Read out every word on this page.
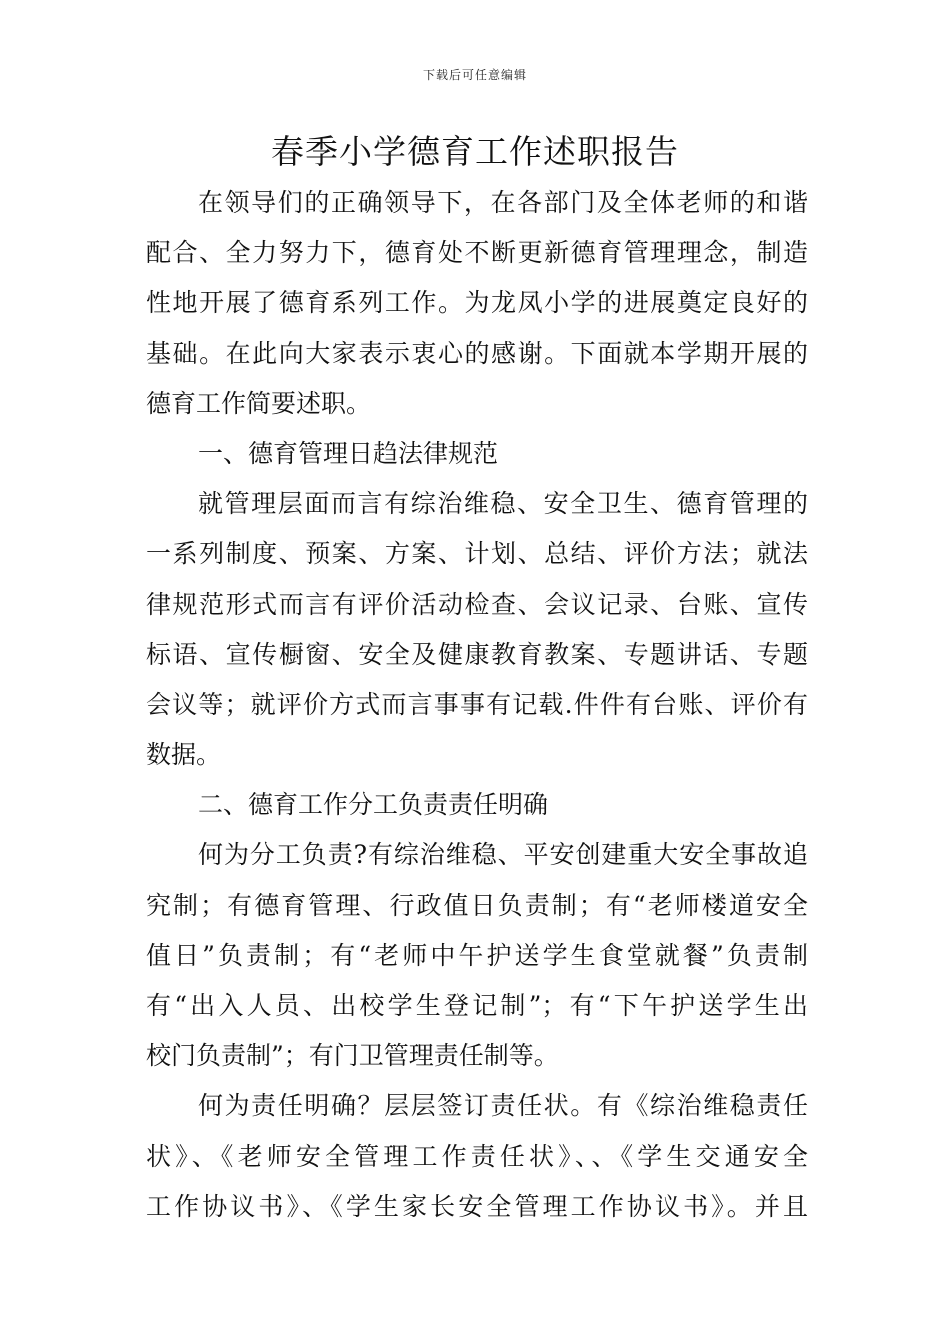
下载后可任意编辑
春季小学德育工作述职报告
在领导们的正确领导下，在各部门及全体老师的和谐
配合、全力努力下，德育处不断更新德育管理理念，制造
性地开展了德育系列工作。为龙凤小学的进展奠定良好的
基础。在此向大家表示衷心的感谢。下面就本学期开展的
德育工作简要述职。
一、德育管理日趋法律规范
就管理层面而言有综治维稳、安全卫生、德育管理的
一系列制度、预案、方案、计划、总结、评价方法；就法
律规范形式而言有评价活动检查、会议记录、台账、宣传
标语、宣传橱窗、安全及健康教育教案、专题讲话、专题
会议等；就评价方式而言事事有记载.件件有台账、评价有
数据。
二、德育工作分工负责责任明确
何为分工负责?有综治维稳、平安创建重大安全事故追
究制；有德育管理、行政值日负责制；有“老师楼道安全
值日”负责制；有“老师中午护送学生食堂就餐”负责制
有“出入人员、出校学生登记制”；有“下午护送学生出
校门负责制”；有门卫管理责任制等。
何为责任明确？层层签订责任状。有《综治维稳责任
状》、《老师安全管理工作责任状》、、《学生交通安全
工作协议书》、《学生家长安全管理工作协议书》。并且
